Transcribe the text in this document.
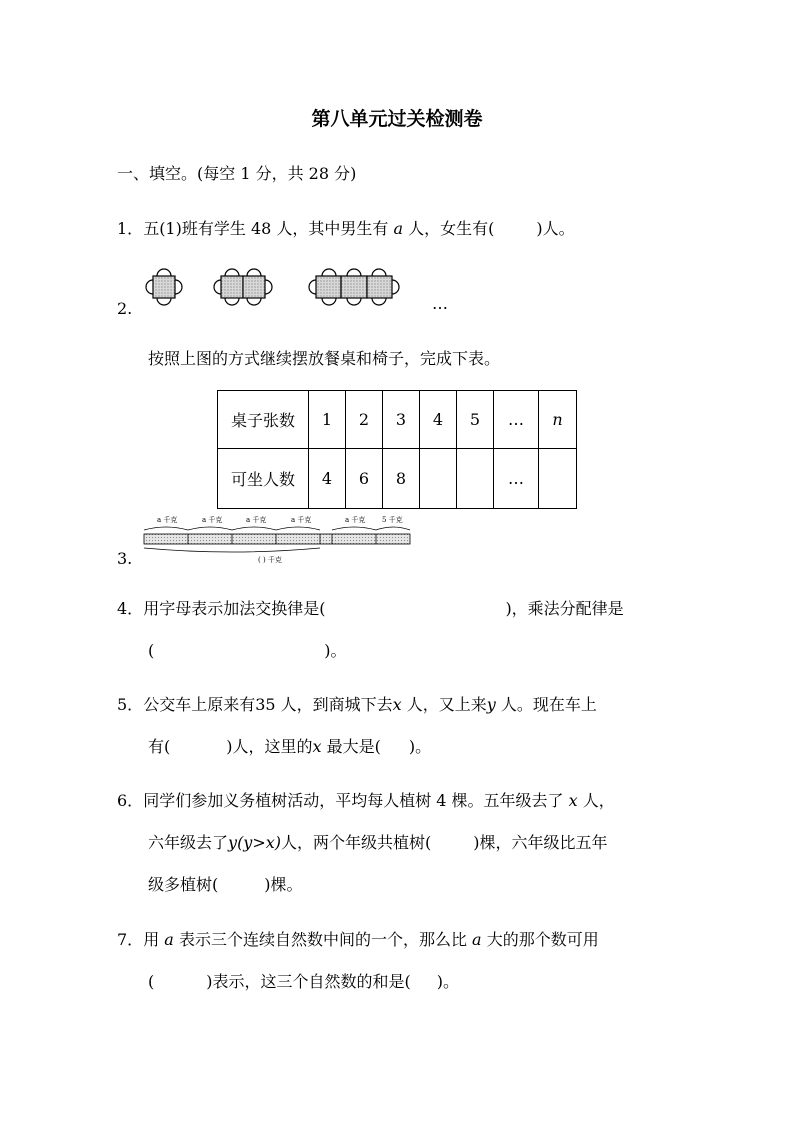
第八单元过关检测卷
一、填空。(每空 1 分，共 28 分)
1．五(1)班有学生 48 人，其中男生有 a 人，女生有(	)人。
2.	…
按照上图的方式继续摆放餐桌和椅子，完成下表。
桌子张数	1	2	3	4	5	…	n
可坐人数	4	6	8			…	
3.
a 千克	a 千克	a 千克	a 千克	a 千克 5 千克
( ) 千克
4．用字母表示加法交换律是(	)，乘法分配律是
(	)。
5．公交车上原来有35 人，到商城下去x 人，又上来y 人。现在车上
有(	)人，这里的x 最大是( )。
6．同学们参加义务植树活动，平均每人植树 4 棵。五年级去了 x 人，
六年级去了y(y>x)人，两个年级共植树(	)棵，六年级比五年
级多植树(	)棵。
7．用 a 表示三个连续自然数中间的一个，那么比 a 大的那个数可用
(	)表示，这三个自然数的和是( )。
